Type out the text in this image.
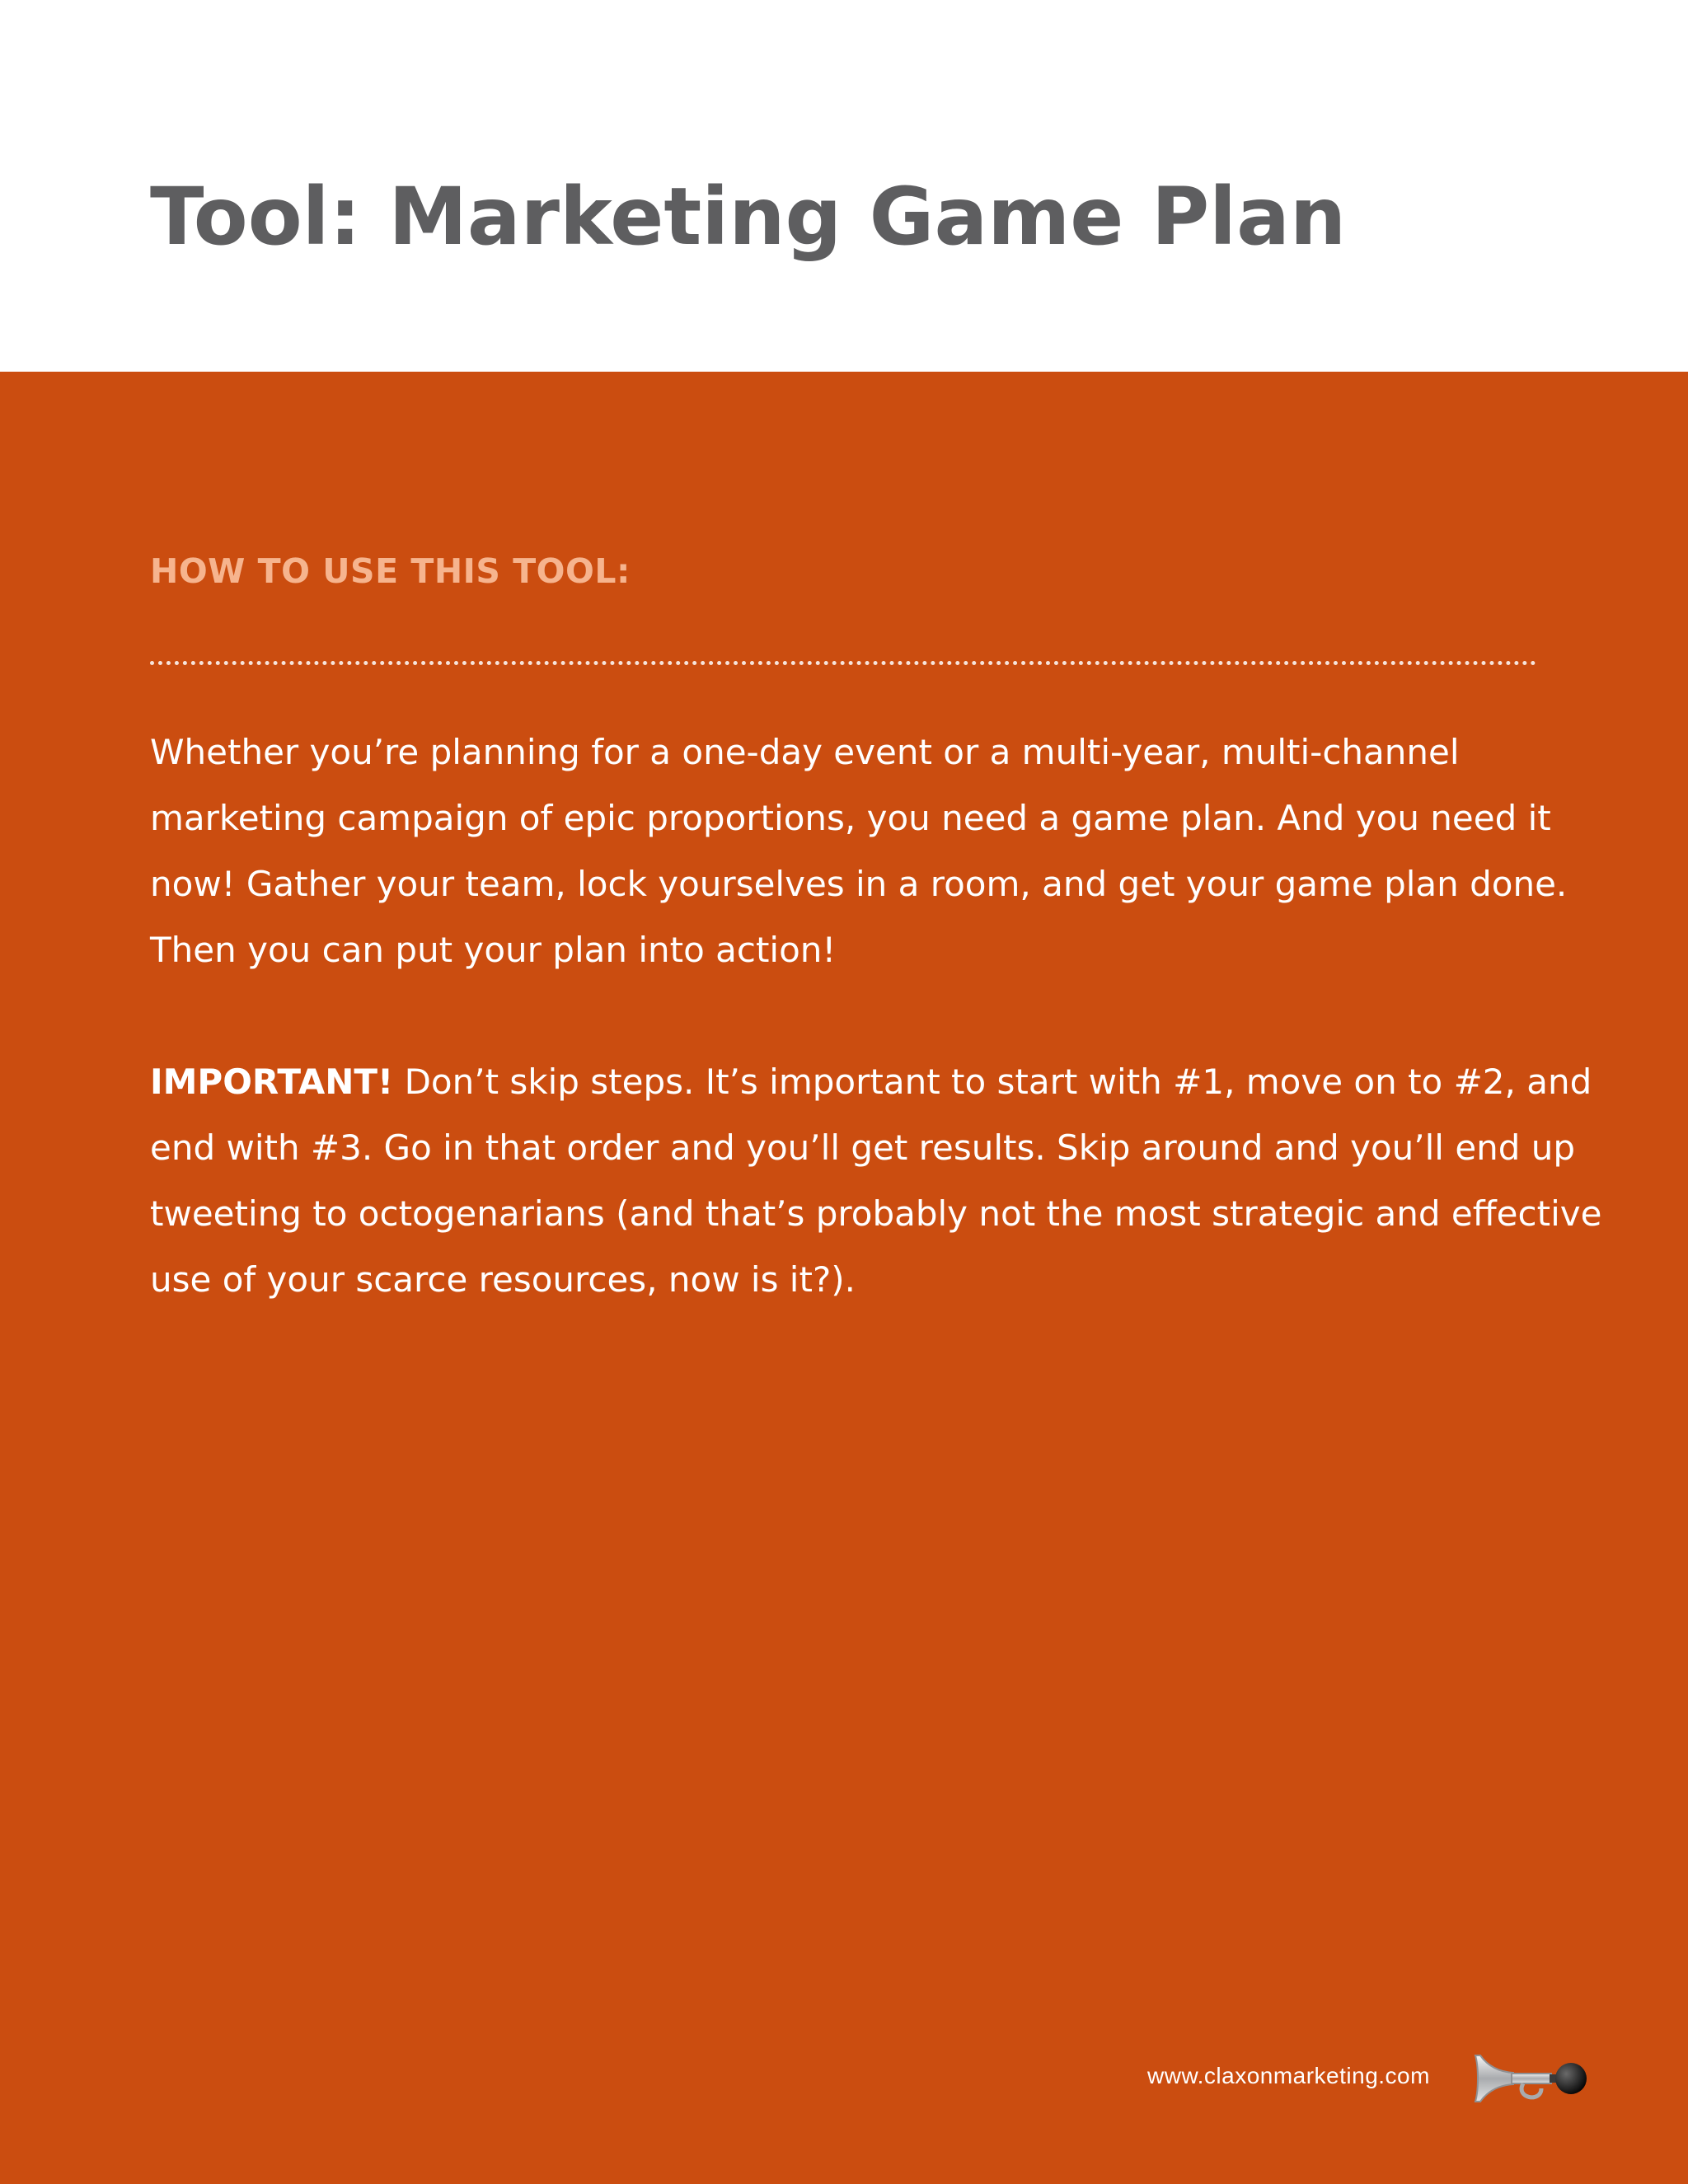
Tool: Marketing Game Plan
HOW TO USE THIS TOOL:

Whether you’re planning for a one-day event or a multi-year, multi-channel
marketing campaign of epic proportions, you need a game plan. And you need it
now! Gather your team, lock yourselves in a room, and get your game plan done.
Then you can put your plan into action!

IMPORTANT! Don’t skip steps. It’s important to start with #1, move on to #2, and
end with #3. Go in that order and you’ll get results. Skip around and you’ll end up
tweeting to octogenarians (and that’s probably not the most strategic and effective
use of your scarce resources, now is it?).

www.claxonmarketing.com
